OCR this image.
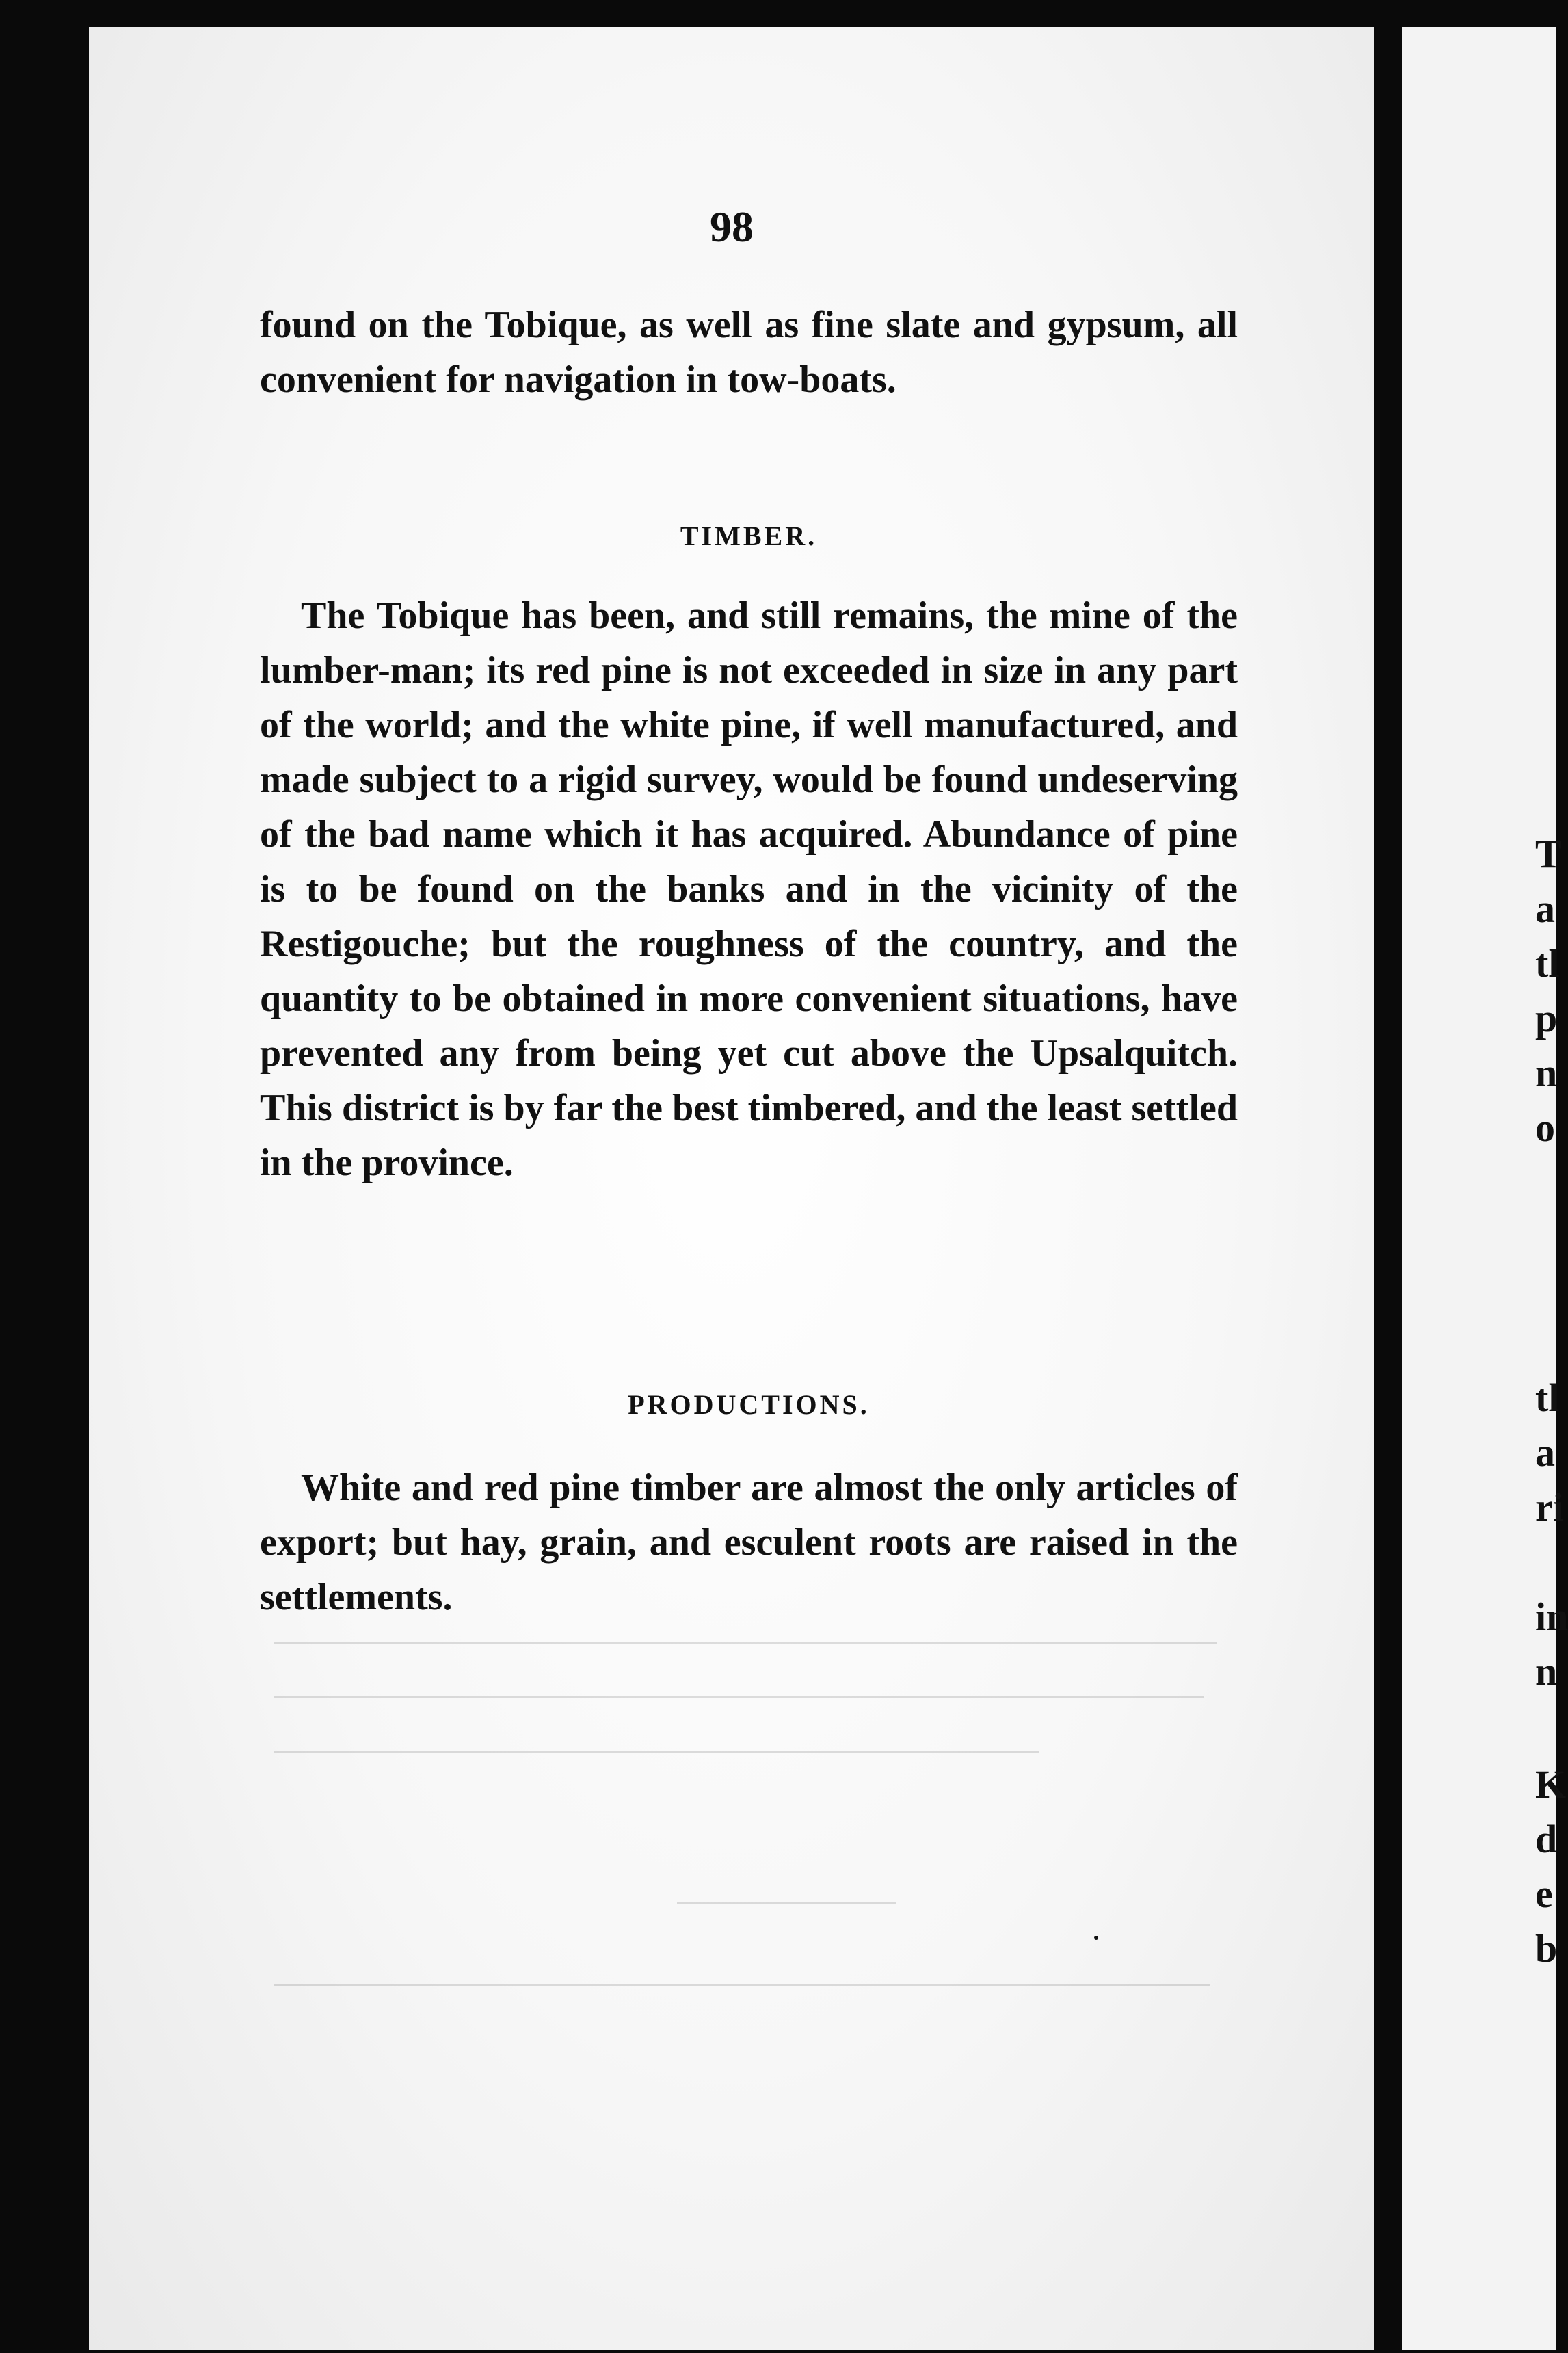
98

found on the Tobique, as well as fine slate and gypsum, all convenient for navigation in tow-boats.

TIMBER.

The Tobique has been, and still remains, the mine of the lumber-man; its red pine is not exceeded in size in any part of the world; and the white pine, if well manufactured, and made subject to a rigid survey, would be found undeserving of the bad name which it has acquired. Abundance of pine is to be found on the banks and in the vicinity of the Restigouche; but the roughness of the country, and the quantity to be obtained in more convenient situations, have prevented any from being yet cut above the Upsalquitch. This district is by far the best timbered, and the least settled in the province.

PRODUCTIONS.

White and red pine timber are almost the only articles of export; but hay, grain, and esculent roots are raised in the settlements.

T
a
tl
p
n
o
tl
a
ri
in
n
K
d
e
b
